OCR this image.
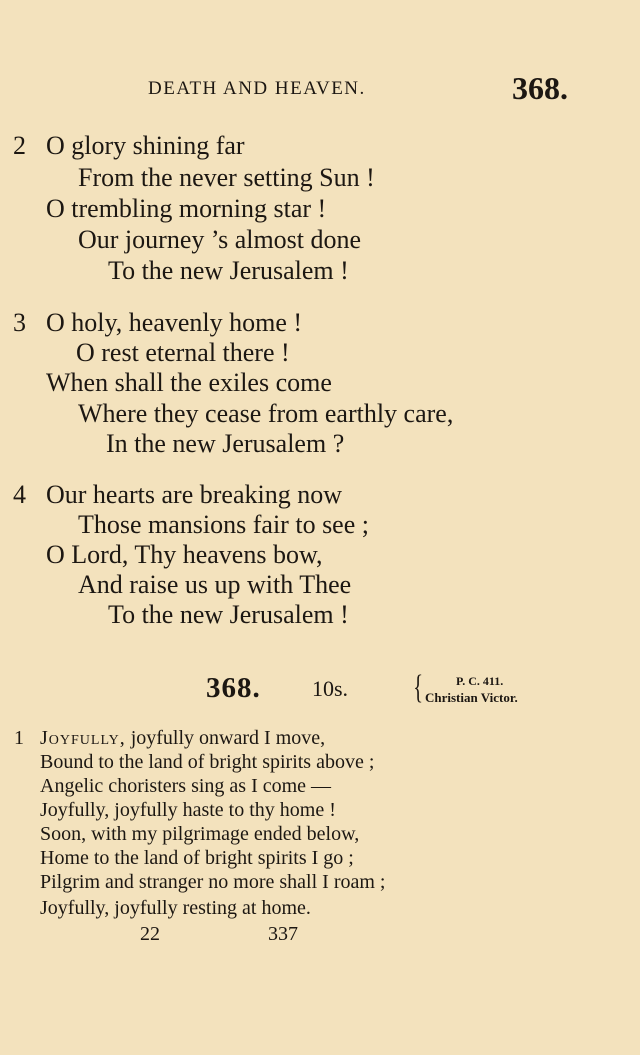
DEATH AND HEAVEN.	368.
2 O glory shining far
From the never setting Sun !
O trembling morning star !
Our journey ’s almost done
To the new Jerusalem !
3 O holy, heavenly home !
O rest eternal there !
When shall the exiles come
Where they cease from earthly care,
In the new Jerusalem ?
4 Our hearts are breaking now
Those mansions fair to see ;
O Lord, Thy heavens bow,
And raise us up with Thee
To the new Jerusalem !
368. 10s. {	P. C. 411.
Christian Victor.
1 Joyfully, joyfully onward I move,
Bound to the land of bright spirits above ;
Angelic choristers sing as I come —
Joyfully, joyfully haste to thy home !
Soon, with my pilgrimage ended below,
Home to the land of bright spirits I go ;
Pilgrim and stranger no more shall I roam ;
Joyfully, joyfully resting at home.
22	337
